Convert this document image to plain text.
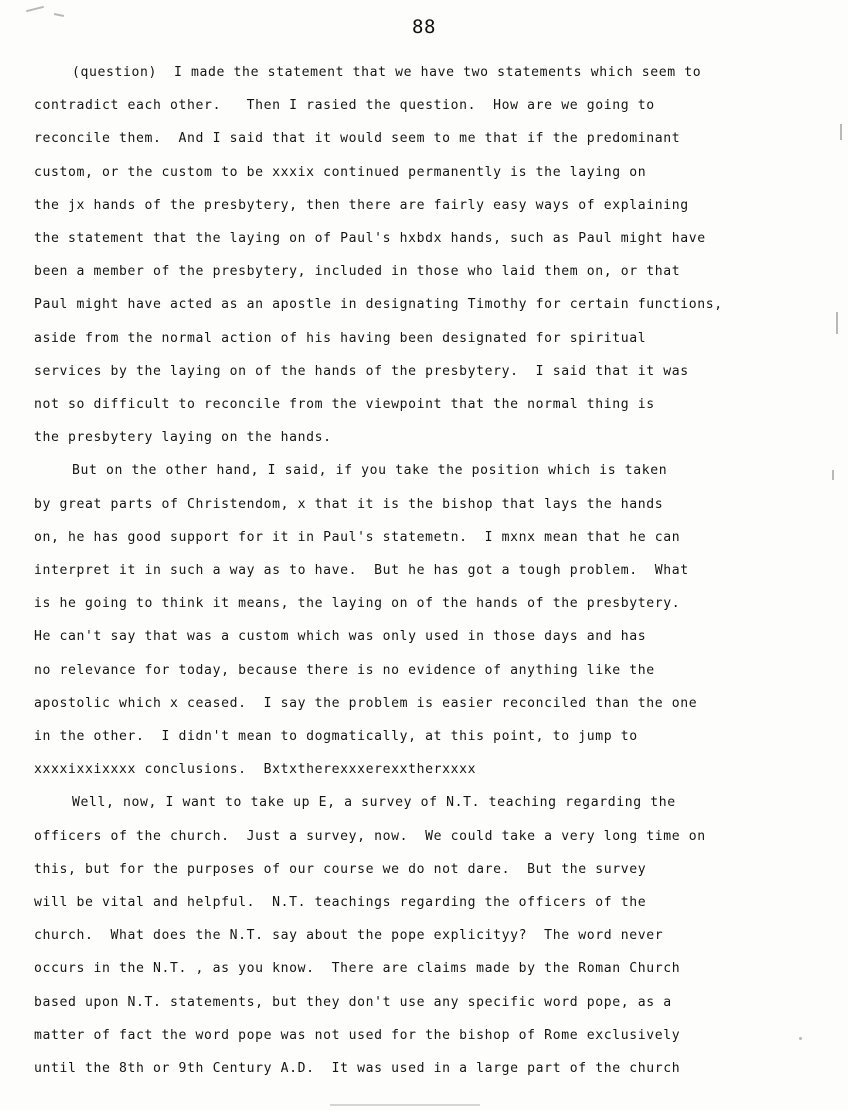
88
(question)  I made the statement that we have two statements which seem to
contradict each other.   Then I rasied the question.  How are we going to
reconcile them.  And I said that it would seem to me that if the predominant
custom, or the custom to be xxxix continued permanently is the laying on
the jx hands of the presbytery, then there are fairly easy ways of explaining
the statement that the laying on of Paul's hxbdx hands, such as Paul might have
been a member of the presbytery, included in those who laid them on, or that
Paul might have acted as an apostle in designating Timothy for certain functions,
aside from the normal action of his having been designated for spiritual
services by the laying on of the hands of the presbytery.  I said that it was
not so difficult to reconcile from the viewpoint that the normal thing is
the presbytery laying on the hands.
But on the other hand, I said, if you take the position which is taken
by great parts of Christendom, x that it is the bishop that lays the hands
on, he has good support for it in Paul's statemetn.  I mxnx mean that he can
interpret it in such a way as to have.  But he has got a tough problem.  What
is he going to think it means, the laying on of the hands of the presbytery.
He can't say that was a custom which was only used in those days and has
no relevance for today, because there is no evidence of anything like the
apostolic which x ceased.  I say the problem is easier reconciled than the one
in the other.  I didn't mean to dogmatically, at this point, to jump to
xxxxixxixxxx conclusions.  Bxtxtherexxxerexxtherxxxx
Well, now, I want to take up E, a survey of N.T. teaching regarding the
officers of the church.  Just a survey, now.  We could take a very long time on
this, but for the purposes of our course we do not dare.  But the survey
will be vital and helpful.  N.T. teachings regarding the officers of the
church.  What does the N.T. say about the pope explicityy?  The word never
occurs in the N.T. , as you know.  There are claims made by the Roman Church
based upon N.T. statements, but they don't use any specific word pope, as a
matter of fact the word pope was not used for the bishop of Rome exclusively
until the 8th or 9th Century A.D.  It was used in a large part of the church
